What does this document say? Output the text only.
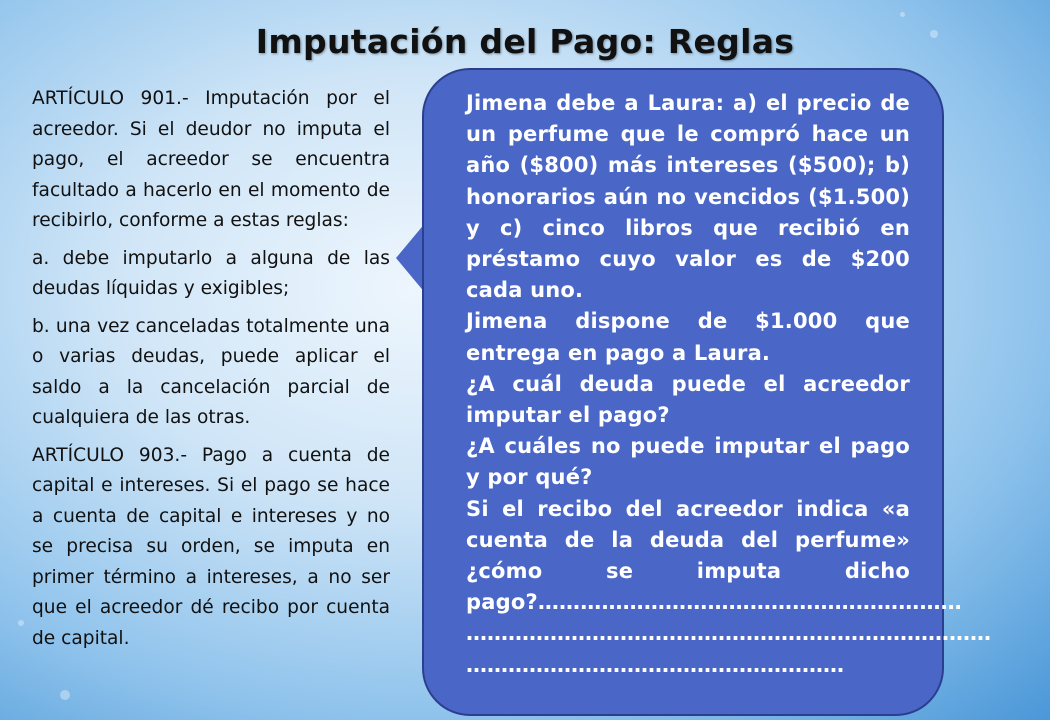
Imputación del Pago: Reglas

ARTÍCULO 901.- Imputación por el acreedor. Si el deudor no imputa el pago, el acreedor se encuentra facultado a hacerlo en el momento de recibirlo, conforme a estas reglas:

a. debe imputarlo a alguna de las deudas líquidas y exigibles;

b. una vez canceladas totalmente una o varias deudas, puede aplicar el saldo a la cancelación parcial de cualquiera de las otras.

ARTÍCULO 903.- Pago a cuenta de capital e intereses. Si el pago se hace a cuenta de capital e intereses y no se precisa su orden, se imputa en primer término a intereses, a no ser que el acreedor dé recibo por cuenta de capital.

Jimena debe a Laura: a) el precio de un perfume que le compró hace un año ($800) más intereses ($500); b) honorarios aún no vencidos ($1.500) y c) cinco libros que recibió en préstamo cuyo valor es de $200 cada uno.

Jimena dispone de $1.000 que entrega en pago a Laura.

¿A cuál deuda puede el acreedor imputar el pago?

¿A cuáles no puede imputar el pago y por qué?

Si el recibo del acreedor indica «a cuenta de la deuda del perfume» ¿cómo se imputa dicho pago?……………………………………………………

…………………………………………………………………

………………………………………………
